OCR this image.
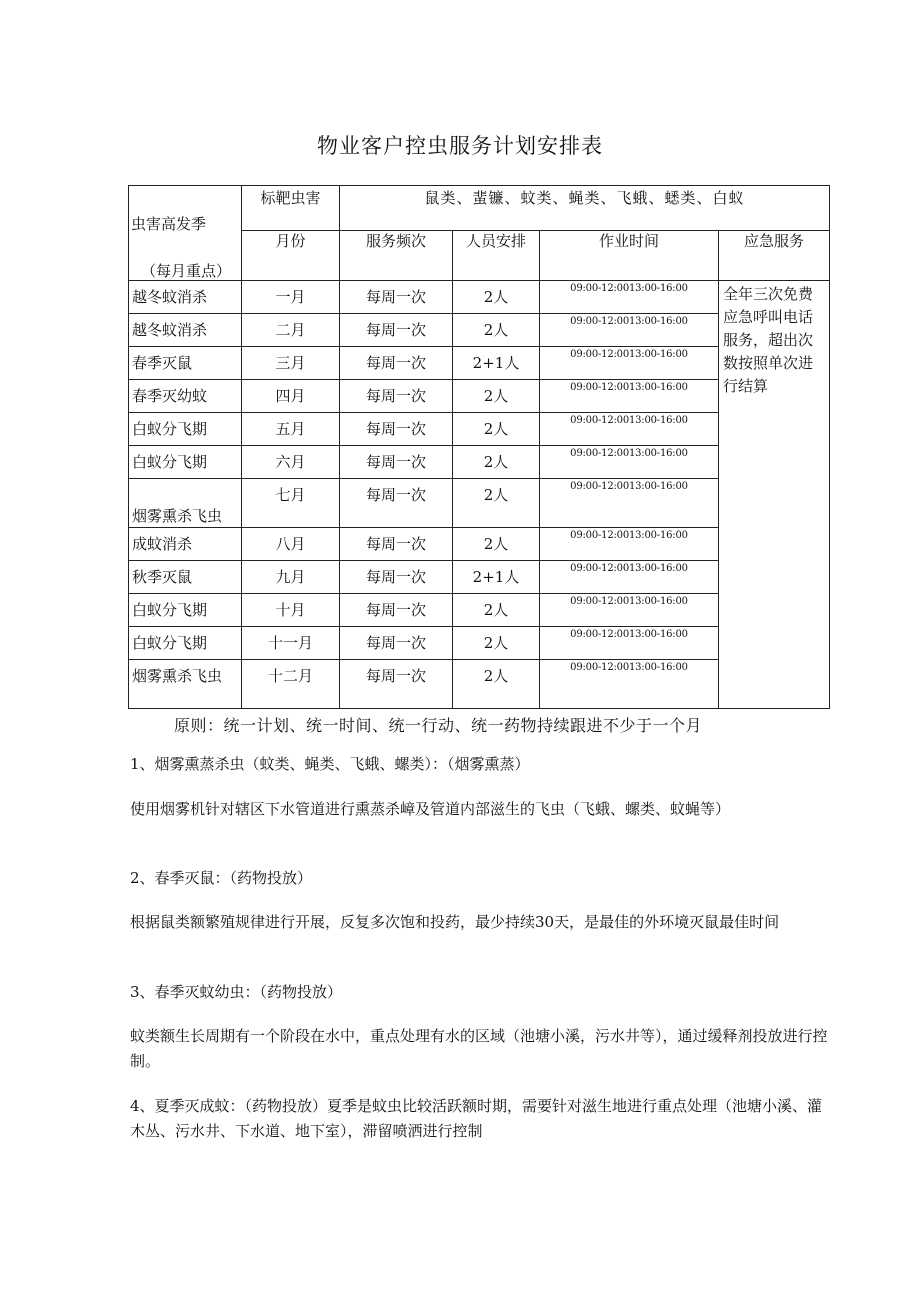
物业客户控虫服务计划安排表
虫害高发季
（每月重点）	标靶虫害	鼠类、蜚镰、蚊类、蝇类、飞蛾、蟋类、白蚁			
	月份	服务频次	人员安排	作业时间	应急服务
越冬蚊消杀	一月	每周一次	2人	09:00-12:0013:00-16:00	全年三次免费应急呼叫电话服务，超出次数按照单次进行结算

越冬蚊消杀	二月	每周一次	2人	09:00-12:0013:00-16:00	
春季灭鼠	三月	每周一次	2+1人	09:00-12:0013:00-16:00	
春季灭幼蚊	四月	每周一次	2人	09:00-12:0013:00-16:00	
白蚁分飞期	五月	每周一次	2人	09:00-12:0013:00-16:00	
白蚁分飞期	六月	每周一次	2人	09:00-12:0013:00-16:00	
烟雾熏杀飞虫	七月	每周一次	2人	09:00-12:0013:00-16:00	
成蚊消杀	八月	每周一次	2人	09:00-12:0013:00-16:00	
秋季灭鼠	九月	每周一次	2+1人	09:00-12:0013:00-16:00	
白蚁分飞期	十月	每周一次	2人	09:00-12:0013:00-16:00	
白蚁分飞期	十一月	每周一次	2人	09:00-12:0013:00-16:00	
烟雾熏杀飞虫	十二月	每周一次	2人	09:00-12:0013:00-16:00	
原则：统一计划、统一时间、统一行动、统一药物持续跟进不少于一个月
1、烟雾熏蒸杀虫（蚊类、蝇类、飞蛾、螺类）：（烟雾熏蒸）
使用烟雾机针对辖区下水管道进行熏蒸杀嶂及管道内部滋生的飞虫（飞蛾、螺类、蚊蝇等）
2、春季灭鼠：（药物投放）
根据鼠类额繁殖规律进行开展，反复多次饱和投药，最少持续30天，是最佳的外环境灭鼠最佳时间
3、春季灭蚊幼虫：（药物投放）
蚊类额生长周期有一个阶段在水中，重点处理有水的区域（池塘小溪，污水井等），通过缓释剂投放进行控制。
4、夏季灭成蚊：（药物投放）夏季是蚊虫比较活跃额时期，需要针对滋生地进行重点处理（池塘小溪、灌木丛、污水井、下水道、地下室），滞留喷洒进行控制
